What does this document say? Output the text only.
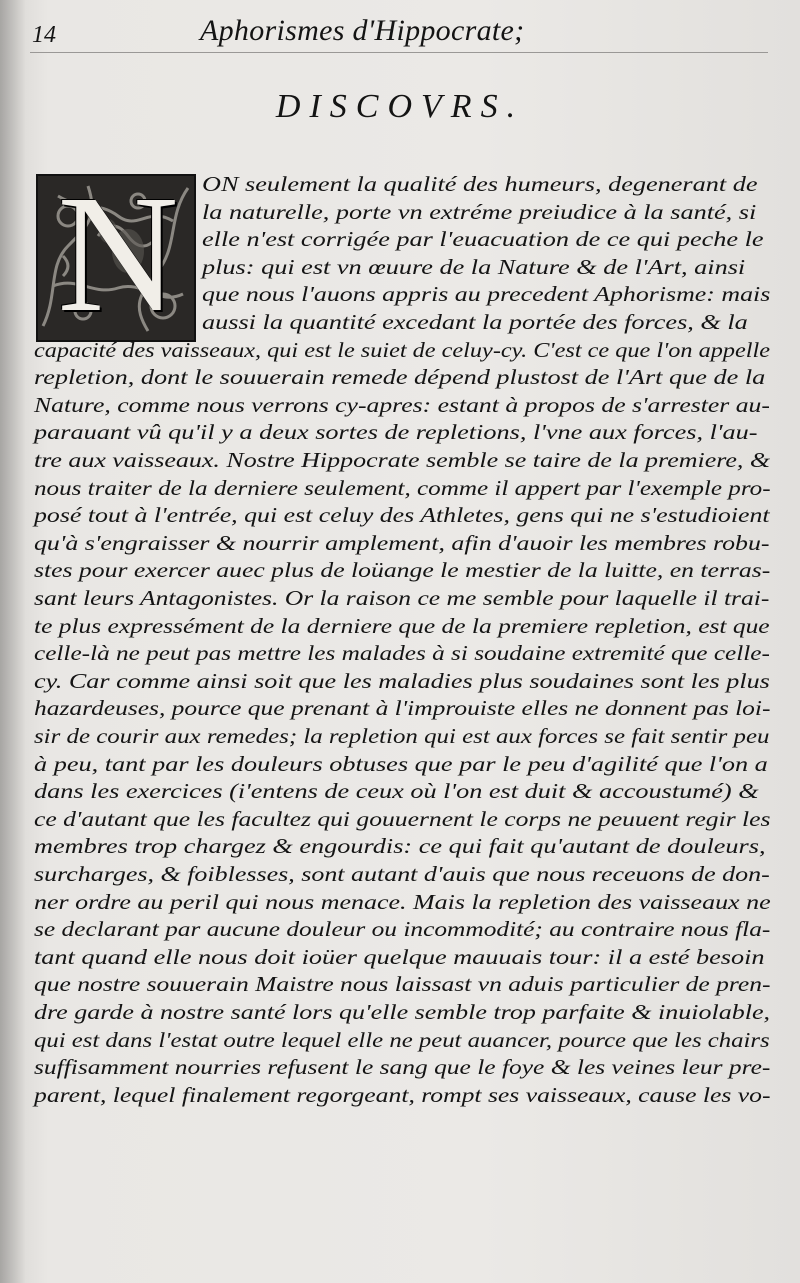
14	Aphorismes d'Hippocrate;
DISCOVRS.
N	ON seulement la qualité des humeurs, degenerant de
la naturelle, porte vn extréme preiudice à la santé, si
elle n'est corrigée par l'euacuation de ce qui peche le
plus: qui est vn œuure de la Nature & de l'Art, ainsi
que nous l'auons appris au precedent Aphorisme: mais
aussi la quantité excedant la portée des forces, & la
capacité des vaisseaux, qui est le suiet de celuy-cy. C'est ce que l'on appelle
repletion, dont le souuerain remede dépend plustost de l'Art que de la
Nature, comme nous verrons cy-apres: estant à propos de s'arrester au-
parauant vû qu'il y a deux sortes de repletions, l'vne aux forces, l'au-
tre aux vaisseaux. Nostre Hippocrate semble se taire de la premiere, &
nous traiter de la derniere seulement, comme il appert par l'exemple pro-
posé tout à l'entrée, qui est celuy des Athletes, gens qui ne s'estudioient
qu'à s'engraisser & nourrir amplement, afin d'auoir les membres robu-
stes pour exercer auec plus de loüange le mestier de la luitte, en terras-
sant leurs Antagonistes. Or la raison ce me semble pour laquelle il trai-
te plus expressément de la derniere que de la premiere repletion, est que
celle-là ne peut pas mettre les malades à si soudaine extremité que celle-
cy. Car comme ainsi soit que les maladies plus soudaines sont les plus
hazardeuses, pource que prenant à l'improuiste elles ne donnent pas loi-
sir de courir aux remedes; la repletion qui est aux forces se fait sentir peu
à peu, tant par les douleurs obtuses que par le peu d'agilité que l'on a
dans les exercices (i'entens de ceux où l'on est duit & accoustumé) &
ce d'autant que les facultez qui gouuernent le corps ne peuuent regir les
membres trop chargez & engourdis: ce qui fait qu'autant de douleurs,
surcharges, & foiblesses, sont autant d'auis que nous receuons de don-
ner ordre au peril qui nous menace. Mais la repletion des vaisseaux ne
se declarant par aucune douleur ou incommodité; au contraire nous fla-
tant quand elle nous doit ioüer quelque mauuais tour: il a esté besoin
que nostre souuerain Maistre nous laissast vn aduis particulier de pren-
dre garde à nostre santé lors qu'elle semble trop parfaite & inuiolable,
qui est dans l'estat outre lequel elle ne peut auancer, pource que les chairs
suffisamment nourries refusent le sang que le foye & les veines leur pre-
parent, lequel finalement regorgeant, rompt ses vaisseaux, cause les vo-
